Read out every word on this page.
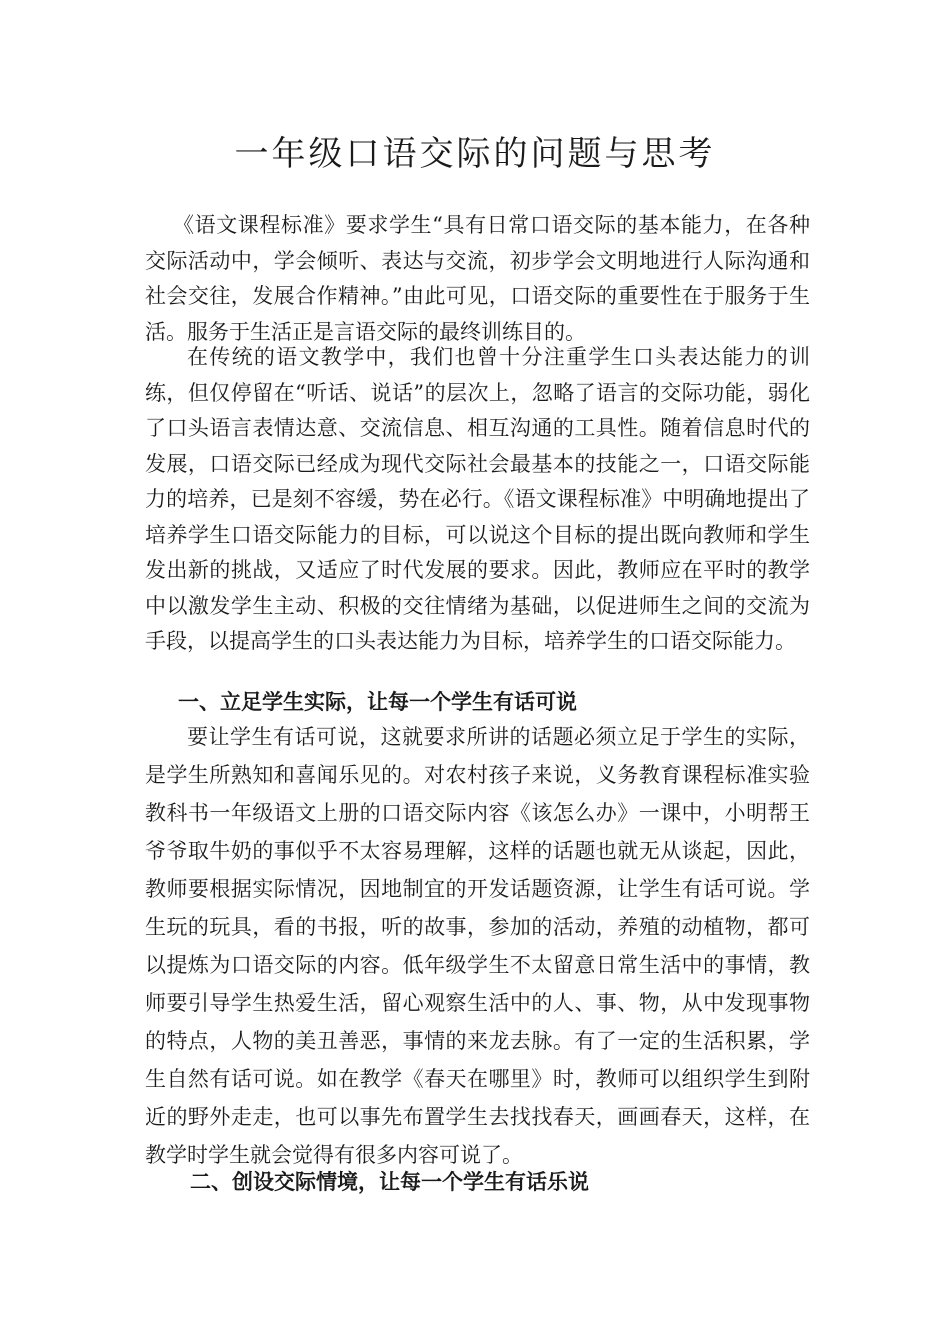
一年级口语交际的问题与思考

《语文课程标准》要求学生“具有日常口语交际的基本能力，在各种交际活动中，学会倾听、表达与交流，初步学会文明地进行人际沟通和社会交往，发展合作精神。”由此可见，口语交际的重要性在于服务于生活。服务于生活正是言语交际的最终训练目的。

在传统的语文教学中，我们也曾十分注重学生口头表达能力的训练，但仅停留在“听话、说话”的层次上，忽略了语言的交际功能，弱化了口头语言表情达意、交流信息、相互沟通的工具性。随着信息时代的发展，口语交际已经成为现代交际社会最基本的技能之一，口语交际能力的培养，已是刻不容缓，势在必行。《语文课程标准》中明确地提出了培养学生口语交际能力的目标，可以说这个目标的提出既向教师和学生发出新的挑战，又适应了时代发展的要求。因此，教师应在平时的教学中以激发学生主动、积极的交往情绪为基础，以促进师生之间的交流为手段，以提高学生的口头表达能力为目标，培养学生的口语交际能力。

一、立足学生实际，让每一个学生有话可说

要让学生有话可说，这就要求所讲的话题必须立足于学生的实际，是学生所熟知和喜闻乐见的。对农村孩子来说，义务教育课程标准实验教科书一年级语文上册的口语交际内容《该怎么办》一课中，小明帮王爷爷取牛奶的事似乎不太容易理解，这样的话题也就无从谈起，因此，教师要根据实际情况，因地制宜的开发话题资源，让学生有话可说。学生玩的玩具，看的书报，听的故事，参加的活动，养殖的动植物，都可以提炼为口语交际的内容。低年级学生不太留意日常生活中的事情，教师要引导学生热爱生活，留心观察生活中的人、事、物，从中发现事物的特点，人物的美丑善恶，事情的来龙去脉。有了一定的生活积累，学生自然有话可说。如在教学《春天在哪里》时，教师可以组织学生到附近的野外走走，也可以事先布置学生去找找春天，画画春天，这样，在教学时学生就会觉得有很多内容可说了。

二、创设交际情境，让每一个学生有话乐说
